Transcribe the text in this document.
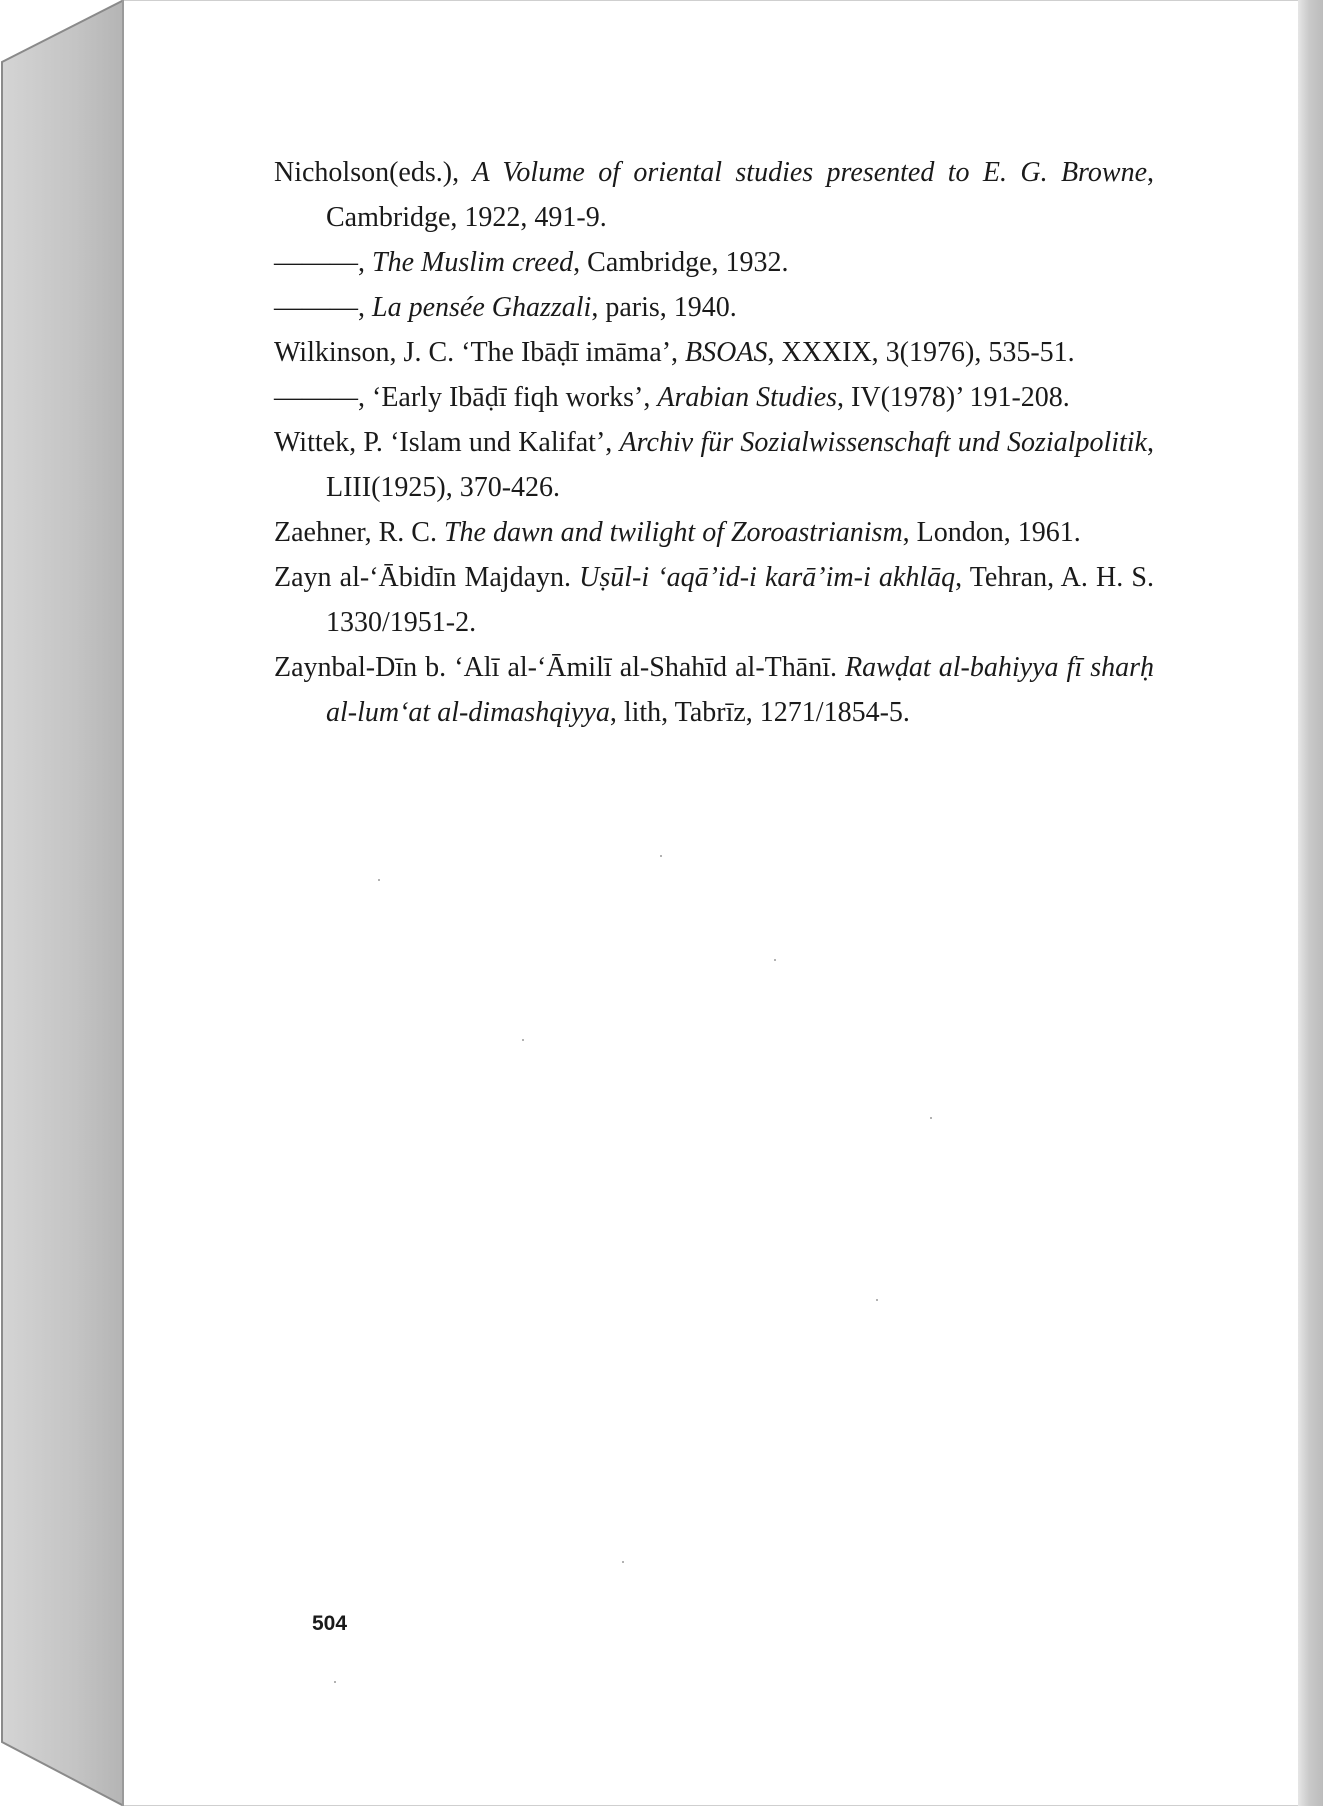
Nicholson(eds.), A Volume of oriental studies presented to E. G. Browne, Cambridge, 1922, 491-9.

———, The Muslim creed, Cambridge, 1932.

———, La pensée Ghazzali, paris, 1940.

Wilkinson, J. C. ‘The Ibāḍī imāma’, BSOAS, XXXIX, 3(1976), 535-51.

———, ‘Early Ibāḍī fiqh works’, Arabian Studies, IV(1978)’ 191-208.

Wittek, P. ‘Islam und Kalifat’, Archiv für Sozialwissenschaft und Sozialpolitik, LIII(1925), 370-426.

Zaehner, R. C. The dawn and twilight of Zoroastrianism, London, 1961.

Zayn al-‘Ābidīn Majdayn. Uṣūl-i ‘aqā’id-i karā’im-i akhlāq, Tehran, A. H. S. 1330/1951-2.

Zaynbal-Dīn b. ‘Alī al-‘Āmilī al-Shahīd al-Thānī. Rawḍat al-bahiyya fī sharḥ al-lum‘at al-dimashqiyya, lith, Tabrīz, 1271/1854-5.

504
